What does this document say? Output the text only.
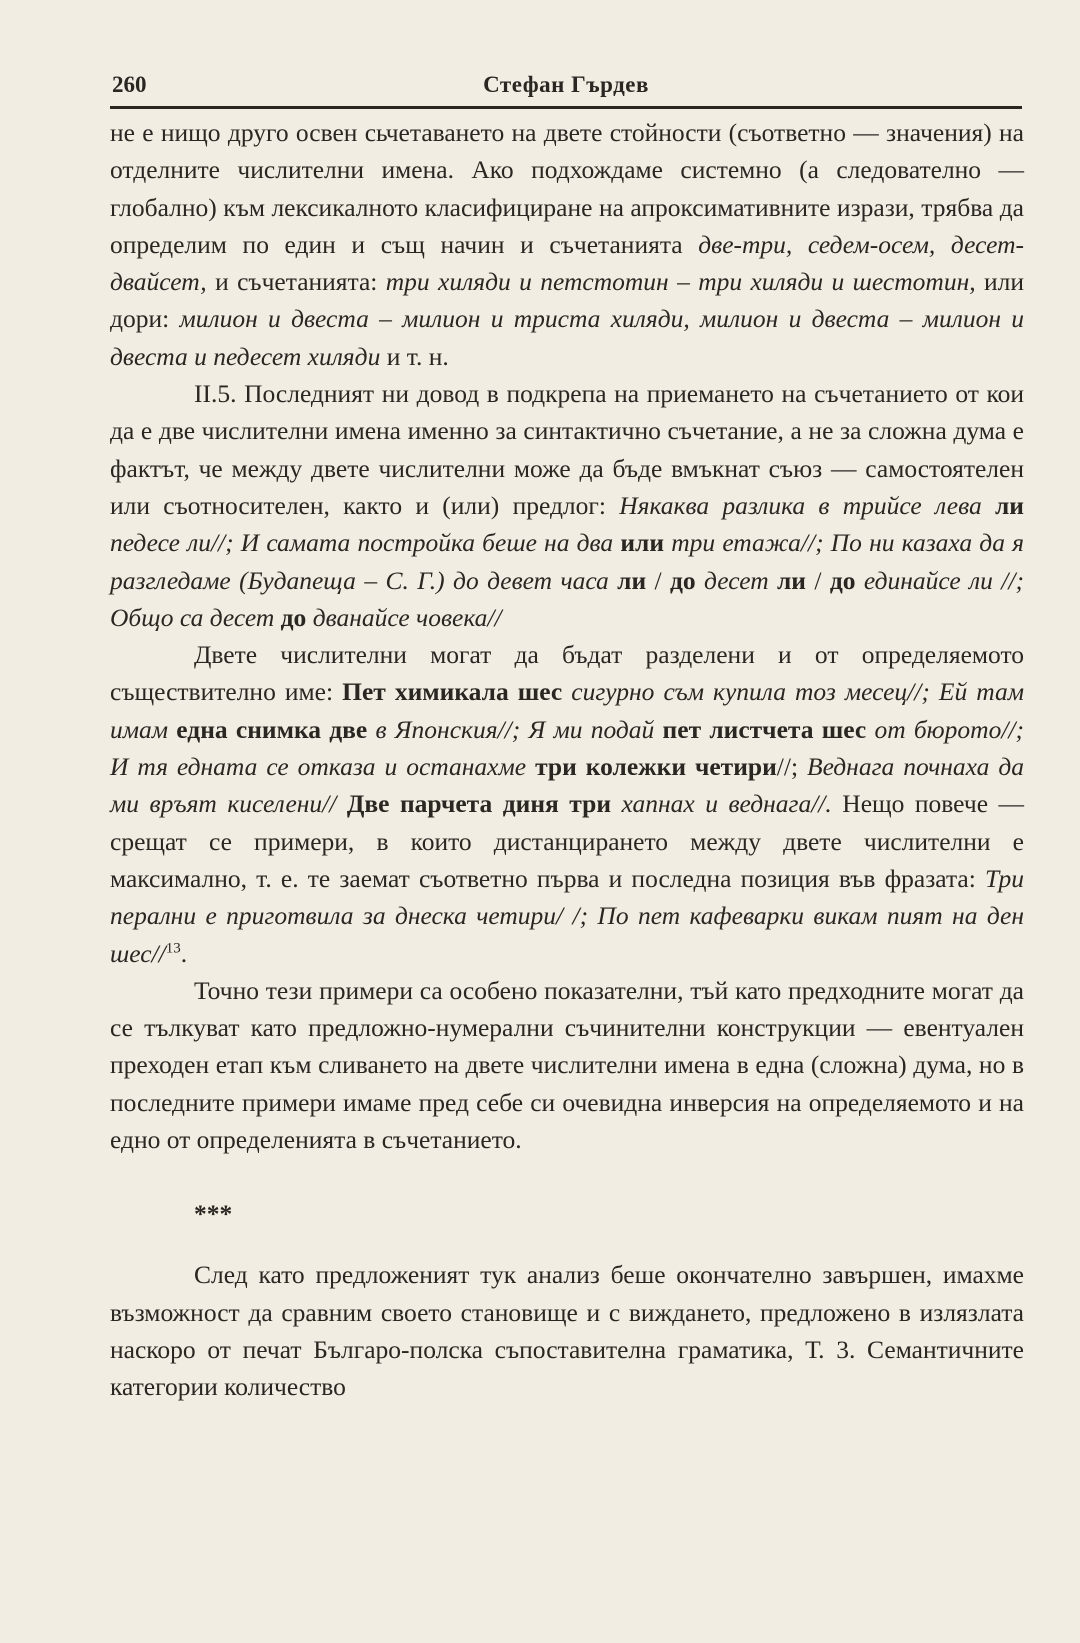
260	Стефан Гърдев

не е нищо друго освен сьчетаването на двете стойности (съответно — значения) на отделните числителни имена. Ако подхождаме системно (а следователно — глобално) към лексикалното класифициране на апроксимативните изрази, трябва да определим по един и същ начин и съчетанията две-три, седем-осем, десет-двайсет, и съчетанията: три хиляди и петстотин – три хиляди и шестотин, или дори: милион и двеста – милион и триста хиляди, милион и двеста – милион и двеста и педесет хиляди и т. н.

II.5. Последният ни довод в подкрепа на приемането на съчетанието от кои да е две числителни имена именно за синтактично съчетание, а не за сложна дума е фактът, че между двете числителни може да бъде вмъкнат съюз — самостоятелен или съотносителен, както и (или) предлог: Някаква разлика в трийсе лева ли педесе ли//; И самата постройка беше на два или три етажа//; По ни казаха да я разгледаме (Будапеща – С. Г.) до девет часа ли / до десет ли / до единайсе ли //; Общо са десет до дванайсе човека//

Двете числителни могат да бъдат разделени и от определяемото съществително име: Пет химикала шес сигурно съм купила тоз месец//; Ей там имам една снимка две в Японския//; Я ми подай пет листчета шес от бюрото//; И тя едната се отказа и останахме три колежки четири//; Веднага почнаха да ми връят киселени// Две парчета диня три хапнах и веднага//. Нещо повече — срещат се примери, в които дистанцирането между двете числителни е максимално, т. е. те заемат съответно първа и последна позиция във фразата: Три перални е приготвила за днеска четири/ /; По пет кафеварки викам пият на ден шес//$^{13}$.

Точно тези примери са особено показателни, тъй като предходните могат да се тълкуват като предложно-нумерални съчинителни конструкции — евентуален преходен етап към сливането на двете числителни имена в една (сложна) дума, но в последните примери имаме пред себе си очевидна инверсия на определяемото и на едно от определенията в съчетанието.

***

След като предложеният тук анализ беше окончателно завършен, имахме възможност да сравним своето становище и с виждането, предложено в излязлата наскоро от печат Българо-полска съпоставителна граматика, Т. 3. Семантичните категории количество
